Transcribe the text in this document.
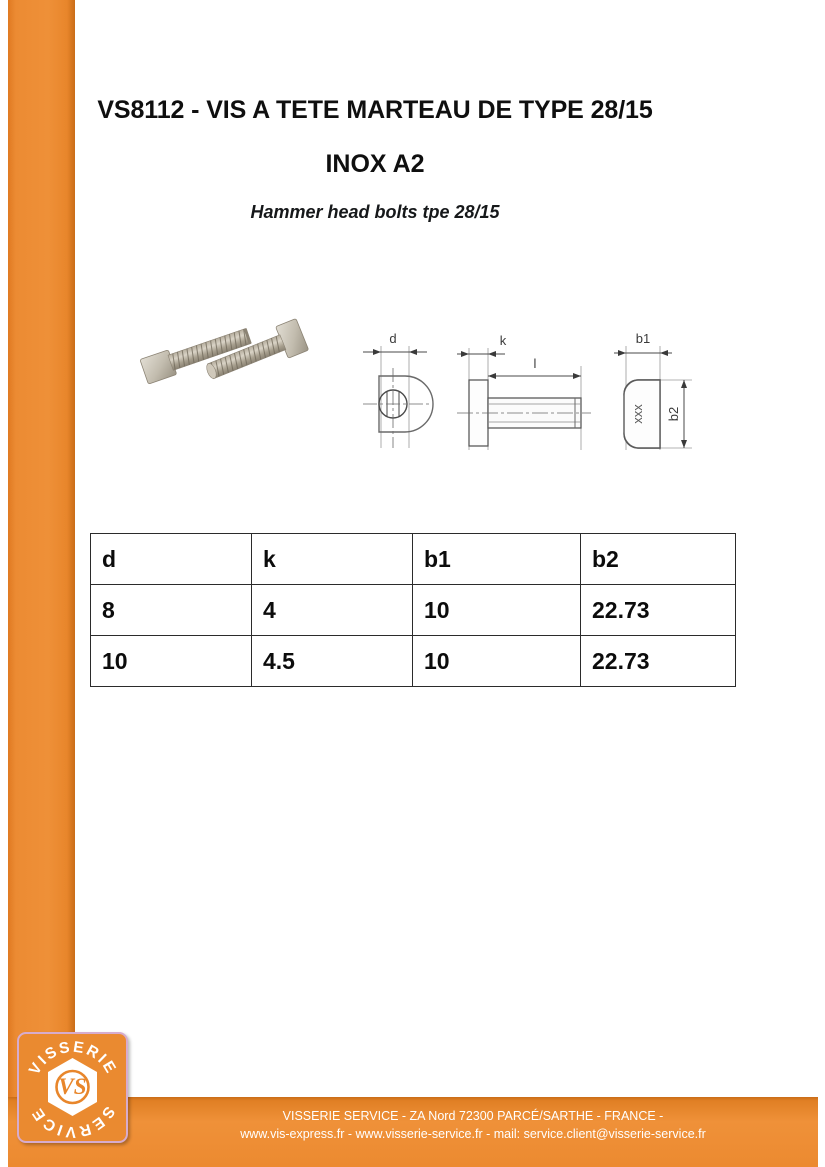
VS8112 - VIS A TETE MARTEAU DE TYPE 28/15
INOX A2
Hammer head bolts tpe 28/15
d	k
l
b1
b2
xxx
d	k	b1	b2
8	4	10	22.73
10	4.5	10	22.73
VS
VISSERIE
SERVICE	VISSERIE SERVICE - ZA Nord 72300 PARCÉ/SARTHE - FRANCE -
www.vis-express.fr - www.visserie-service.fr - mail: service.client@visserie-service.fr
